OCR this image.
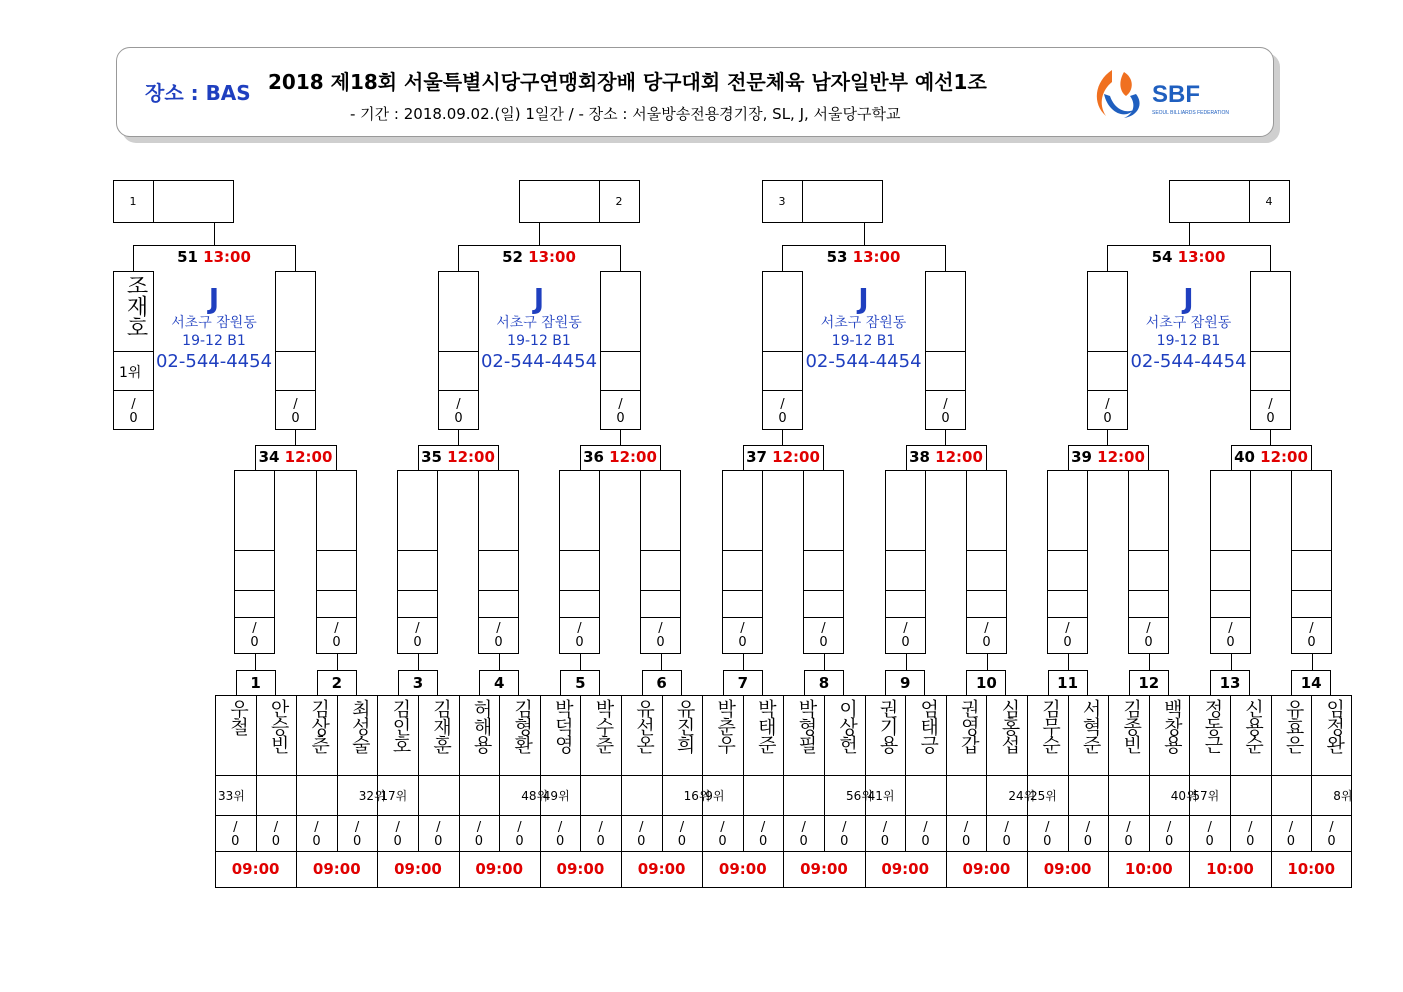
장소 : BAS 2018 제18회 서울특별시당구연맹회장배 당구대회 전문체육 남자일반부 예선1조
- 기간 : 2018.09.02.(일) 1일간 / - 장소 : 서울방송전용경기장, SL, J, 서울당구학교
SBF
SEOUL BILLIARDS FEDERATION
1
우철
33위
/
0
안승빈
/
0
09:00
2
김상춘
/
0
최성술
32위
/
0
09:00
3
김인호
17위
/
0
김재훈
/
0
09:00
4
허해용
/
0
김형환
48위
/
0
09:00
5
박덕영
49위
/
0
박수춘
/
0
09:00
6
유선온
/
0
유진희
16위
/
0
09:00
7
박춘우
9위
/
0
박태준
/
0
09:00
8
박형필
/
0
이상헌
56위
/
0
09:00
9
권기용
41위
/
0
엄태긍
/
0
09:00
10
권영갑
/
0
심홍섭
24위
/
0
09:00
11
김무순
25위
/
0
서혁준
/
0
09:00
12
김종빈
/
0
백창용
40위
/
0
10:00
13
정동근
57위
/
0
신용순
/
0
10:00
14
유효은
/
0
임정완
8위
/
0
10:00
/
0
/
0
34 12:00
/
0
/
0
35 12:00
/
0
/
0
36 12:00
/
0
/
0
37 12:00
/
0
/
0
38 12:00
/
0
/
0
39 12:00
/
0
/
0
40 12:00
/
0
/
0
1
51 13:00
J
서초구 잠원동
19-12 B1
02-544-4454
/
0
/
0
2
52 13:00
J
서초구 잠원동
19-12 B1
02-544-4454
/
0
/
0
3
53 13:00
J
서초구 잠원동
19-12 B1
02-544-4454
/
0
/
0
4
54 13:00
J
서초구 잠원동
19-12 B1
02-544-4454
조재호
1위
